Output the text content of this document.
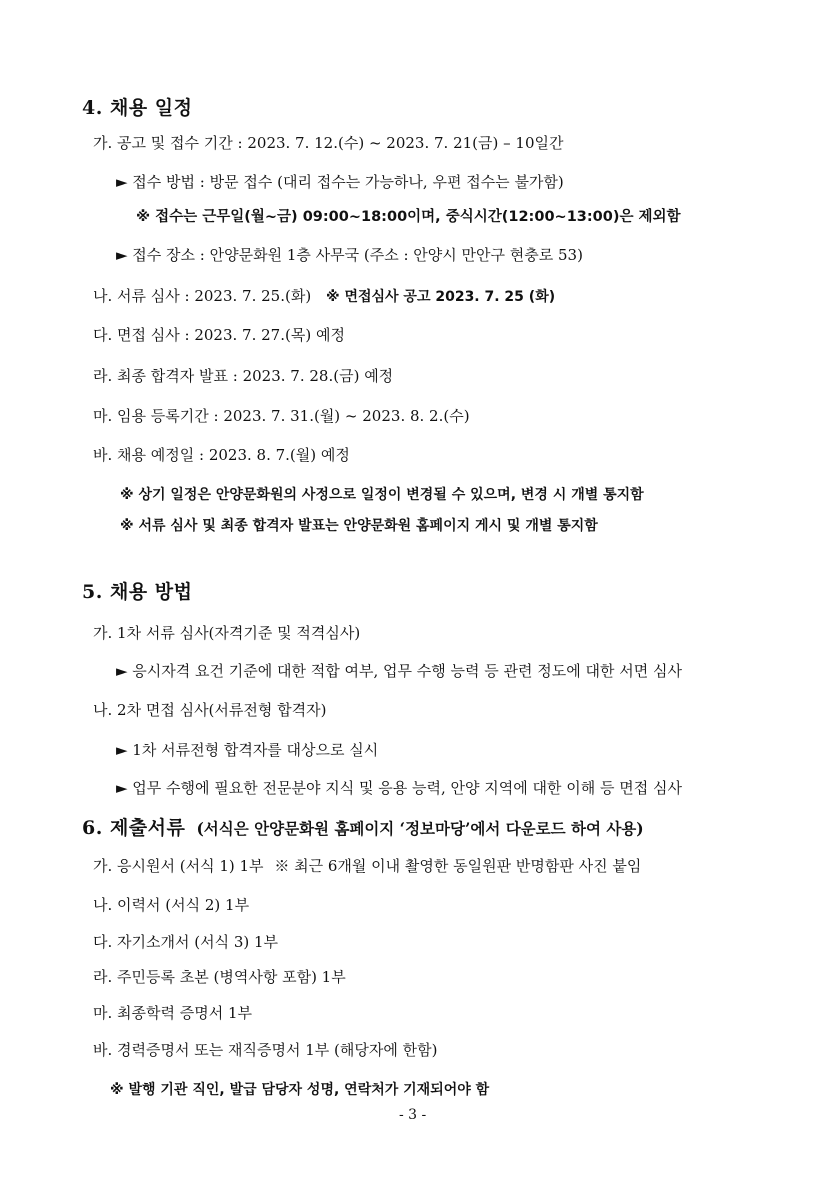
4. 채용 일정
가. 공고 및 접수 기간 : 2023. 7. 12.(수) ~ 2023. 7. 21(금) – 10일간
► 접수 방법 : 방문 접수 (대리 접수는 가능하나, 우편 접수는 불가함)
※ 접수는 근무일(월~금) 09:00~18:00이며, 중식시간(12:00~13:00)은 제외함
► 접수 장소 : 안양문화원 1층 사무국 (주소 : 안양시 만안구 현충로 53)
나. 서류 심사 : 2023. 7. 25.(화) ※ 면접심사 공고 2023. 7. 25 (화)
다. 면접 심사 : 2023. 7. 27.(목) 예정
라. 최종 합격자 발표 : 2023. 7. 28.(금) 예정
마. 임용 등록기간 : 2023. 7. 31.(월) ~ 2023. 8. 2.(수)
바. 채용 예정일 : 2023. 8. 7.(월) 예정
※ 상기 일정은 안양문화원의 사정으로 일정이 변경될 수 있으며, 변경 시 개별 통지함
※ 서류 심사 및 최종 합격자 발표는 안양문화원 홈페이지 게시 및 개별 통지함
5. 채용 방법
가. 1차 서류 심사(자격기준 및 적격심사)
► 응시자격 요건 기준에 대한 적합 여부, 업무 수행 능력 등 관련 정도에 대한 서면 심사
나. 2차 면접 심사(서류전형 합격자)
► 1차 서류전형 합격자를 대상으로 실시
► 업무 수행에 필요한 전문분야 지식 및 응용 능력, 안양 지역에 대한 이해 등 면접 심사
6. 제출서류 (서식은 안양문화원 홈페이지 ‘정보마당’에서 다운로드 하여 사용)
가. 응시원서 (서식 1) 1부 ※ 최근 6개월 이내 촬영한 동일원판 반명함판 사진 붙임
나. 이력서 (서식 2) 1부
다. 자기소개서 (서식 3) 1부
라. 주민등록 초본 (병역사항 포함) 1부
마. 최종학력 증명서 1부
바. 경력증명서 또는 재직증명서 1부 (해당자에 한함)
※ 발행 기관 직인, 발급 담당자 성명, 연락처가 기재되어야 함
- 3 -
